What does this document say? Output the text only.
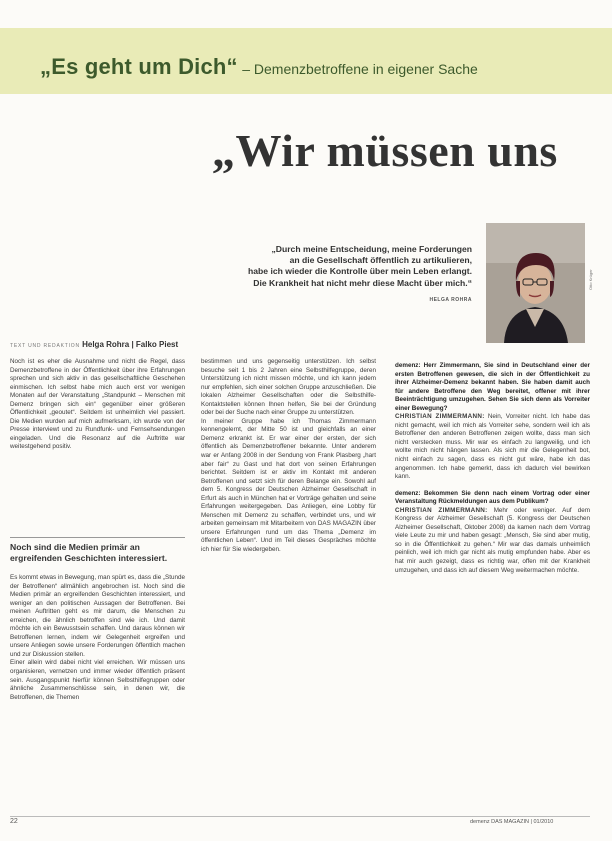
„Es geht um Dich“ – Demenzbetroffene in eigener Sache
„Wir müssen uns
„Durch meine Entscheidung, meine Forderungen
an die Gesellschaft öffentlich zu artikulieren,
habe ich wieder die Kontrolle über mein Leben erlangt.
Die Krankheit hat nicht mehr diese Macht über mich.“
HELGA ROHRA
Otto Krüger
TEXT UND REDAKTION Helga Rohra | Falko Piest

Noch ist es eher die Ausnahme und nicht die Regel, dass Demenzbetroffene in der Öffentlichkeit über ihre Erfahrungen sprechen und sich aktiv in das gesellschaftliche Geschehen einmischen. Ich selbst habe mich auch erst vor wenigen Monaten auf der Veranstaltung „Standpunkt – Menschen mit Demenz bringen sich ein“ gegenüber einer größeren Öffentlichkeit „geoutet“. Seitdem ist unheimlich viel passiert. Die Medien wurden auf mich aufmerksam, ich wurde von der Presse interviewt und zu Rundfunk- und Fernsehsendungen eingeladen. Und die Resonanz auf die Auftritte war weitestgehend positiv.

Noch sind die Medien primär an ergreifenden Geschichten interessiert.

Es kommt etwas in Bewegung, man spürt es, dass die „Stunde der Betroffenen“ allmählich angebrochen ist. Noch sind die Medien primär an ergreifenden Geschichten interessiert, und weniger an den politischen Aussagen der Betroffenen. Bei meinen Auftritten geht es mir darum, die Menschen zu erreichen, die ähnlich betroffen sind wie ich. Und damit möchte ich ein Bewusstsein schaffen. Und daraus können wir Betroffenen lernen, indem wir Gelegenheit ergreifen und unsere Anliegen sowie unsere Forderungen öffentlich machen und zur Diskussion stellen.

Einer allein wird dabei nicht viel erreichen. Wir müssen uns organisieren, vernetzen und immer wieder öffentlich präsent sein. Ausgangspunkt hierfür können Selbsthilfegruppen oder ähnliche Zusammenschlüsse sein, in denen wir, die Betroffenen, die Themen

bestimmen und uns gegenseitig unterstützen. Ich selbst besuche seit 1 bis 2 Jahren eine Selbsthilfegruppe, deren Unterstützung ich nicht missen möchte, und ich kann jedem nur empfehlen, sich einer solchen Gruppe anzuschließen. Die lokalen Alzheimer Gesellschaften oder die Selbsthilfe-Kontaktstellen können Ihnen helfen, Sie bei der Gründung oder bei der Suche nach einer Gruppe zu unterstützen.

In meiner Gruppe habe ich Thomas Zimmermann kennengelernt, der Mitte 50 ist und gleichfalls an einer Demenz erkrankt ist. Er war einer der ersten, der sich öffentlich als Demenzbetroffener bekannte. Unter anderem war er Anfang 2008 in der Sendung von Frank Plasberg „hart aber fair“ zu Gast und hat dort von seinen Erfahrungen berichtet. Seitdem ist er aktiv im Kontakt mit anderen Betroffenen und setzt sich für deren Belange ein. Sowohl auf dem 5. Kongress der Deutschen Alzheimer Gesellschaft in Erfurt als auch in München hat er Vorträge gehalten und seine Erfahrungen weitergegeben. Das Anliegen, eine Lobby für Menschen mit Demenz zu schaffen, verbindet uns, und wir arbeiten gemeinsam mit Mitarbeitern von DAS MAGAZIN über unsere Erfahrungen rund um das Thema „Demenz im öffentlichen Leben“. Und im Teil dieses Gespräches möchte ich hier für Sie wiedergeben.

demenz: Herr Zimmermann, Sie sind in Deutschland einer der ersten Betroffenen gewesen, die sich in der Öffentlichkeit zu ihrer Alzheimer-Demenz bekannt haben. Sie haben damit auch für andere Betroffene den Weg bereitet, offener mit ihrer Beeinträchtigung umzugehen. Sehen Sie sich denn als Vorreiter einer Bewegung?

CHRISTIAN ZIMMERMANN: Nein, Vorreiter nicht. Ich habe das nicht gemacht, weil ich mich als Vorreiter sehe, sondern weil ich als Betroffener den anderen Betroffenen zeigen wollte, dass man sich nicht verstecken muss. Mir war es einfach zu langweilig, und ich wollte mich nicht hängen lassen. Als sich mir die Gelegenheit bot, nicht einfach zu sagen, dass es nicht gut wäre, habe ich das angenommen. Ich habe gemerkt, dass ich dadurch viel bewirken kann.

demenz: Bekommen Sie denn nach einem Vortrag oder einer Veranstaltung Rückmeldungen aus dem Publikum?

CHRISTIAN ZIMMERMANN: Mehr oder weniger. Auf dem Kongress der Alzheimer Gesellschaft (5. Kongress der Deutschen Alzheimer Gesellschaft, Oktober 2008) da kamen nach dem Vortrag viele Leute zu mir und haben gesagt: „Mensch, Sie sind aber mutig, so in die Öffentlichkeit zu gehen.“ Mir war das damals unheimlich peinlich, weil ich mich gar nicht als mutig empfunden habe. Aber es hat mir auch gezeigt, dass es richtig war, offen mit der Krankheit umzugehen, und dass ich auf diesem Weg weitermachen möchte.

22	demenz DAS MAGAZIN | 01/2010
